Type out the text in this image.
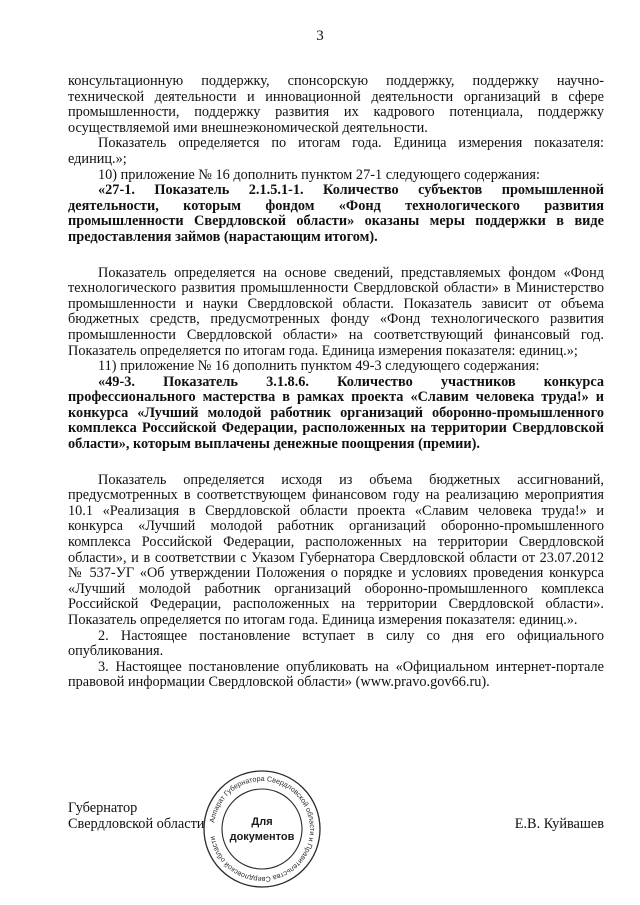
3

консультационную поддержку, спонсорскую поддержку, поддержку научно-технической деятельности и инновационной деятельности организаций в сфере промышленности, поддержку развития их кадрового потенциала, поддержку осуществляемой ими внешнеэкономической деятельности.

Показатель определяется по итогам года. Единица измерения показателя: единиц.»;

10) приложение № 16 дополнить пунктом 27-1 следующего содержания:

«27-1. Показатель 2.1.5.1-1. Количество субъектов промышленной деятельности, которым фондом «Фонд технологического развития промышленности Свердловской области» оказаны меры поддержки в виде предоставления займов (нарастающим итогом).

Показатель определяется на основе сведений, представляемых фондом «Фонд технологического развития промышленности Свердловской области» в Министерство промышленности и науки Свердловской области. Показатель зависит от объема бюджетных средств, предусмотренных фонду «Фонд технологического развития промышленности Свердловской области» на соответствующий финансовый год. Показатель определяется по итогам года. Единица измерения показателя: единиц.»;

11) приложение № 16 дополнить пунктом 49-3 следующего содержания:

«49-3. Показатель 3.1.8.6. Количество участников конкурса профессионального мастерства в рамках проекта «Славим человека труда!» и конкурса «Лучший молодой работник организаций оборонно-промышленного комплекса Российской Федерации, расположенных на территории Свердловской области», которым выплачены денежные поощрения (премии).

Показатель определяется исходя из объема бюджетных ассигнований, предусмотренных в соответствующем финансовом году на реализацию мероприятия 10.1 «Реализация в Свердловской области проекта «Славим человека труда!» и конкурса «Лучший молодой работник организаций оборонно-промышленного комплекса Российской Федерации, расположенных на территории Свердловской области», и в соответствии с Указом Губернатора Свердловской области от 23.07.2012 № 537-УГ «Об утверждении Положения о порядке и условиях проведения конкурса «Лучший молодой работник организаций оборонно-промышленного комплекса Российской Федерации, расположенных на территории Свердловской области». Показатель определяется по итогам года. Единица измерения показателя: единиц.».

2. Настоящее постановление вступает в силу со дня его официального опубликования.

3. Настоящее постановление опубликовать на «Официальном интернет-портале правовой информации Свердловской области» (www.pravo.gov66.ru).

Губернатор
Свердловской области	Е.В. Куйвашев
Аппарат Губернатора Свердловской области и Правительства Свердловской области
Для
документов
